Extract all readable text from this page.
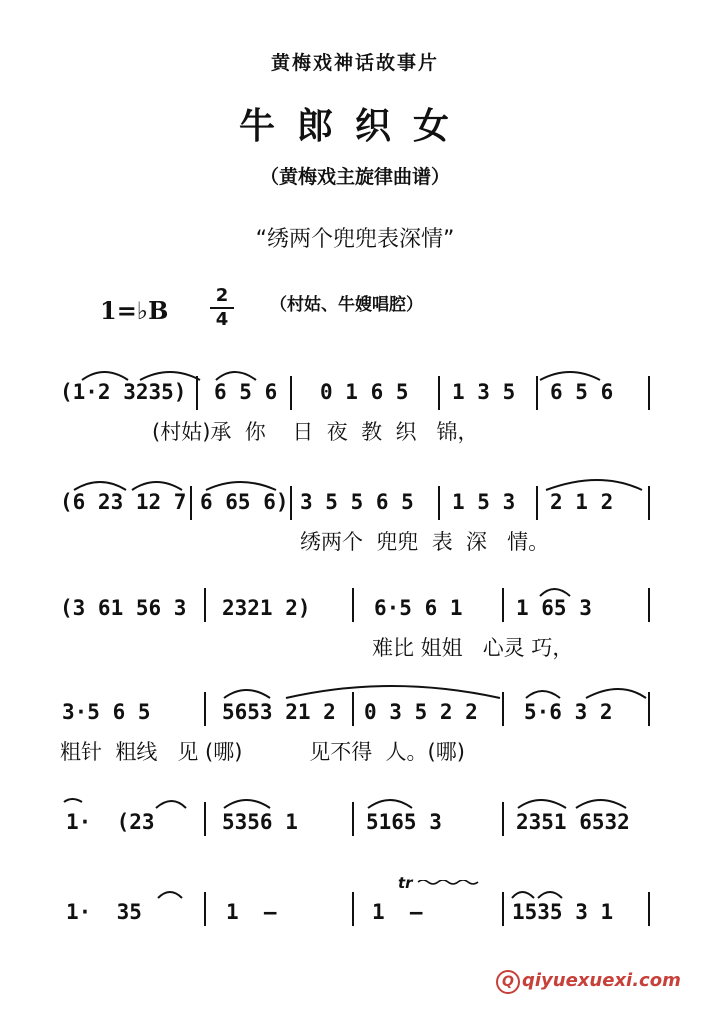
黄梅戏神话故事片
牛郎织女
（黄梅戏主旋律曲谱）
“绣两个兜兜表深情”
1=♭B
2
4
（村姑、牛嫂唱腔）
(1·2 3235) 6 5 6 0 1 6 5 1 3 5 6 5 6
(村姑)承  你    日  夜  教  织   锦，
(6 23 12 7 6 65 6) 3 5 5 6 5 1 5 3 2 1 2
绣两个  兜兜  表  深   情。
(3 61 56 3 2321 2)	6·5 6 1	1 65 3
难比 姐姐   心灵 巧，
3·5 6 5	5653 21 2 0 3 5 2 2 5·6 3 2
粗针  粗线   见 (哪)          见不得  人。(哪)
1·  (23	5356 1	5165 3	2351 6532
1·  35	1  —	1  —	1535 3 1
tr
Q qiyuexuexi.com
